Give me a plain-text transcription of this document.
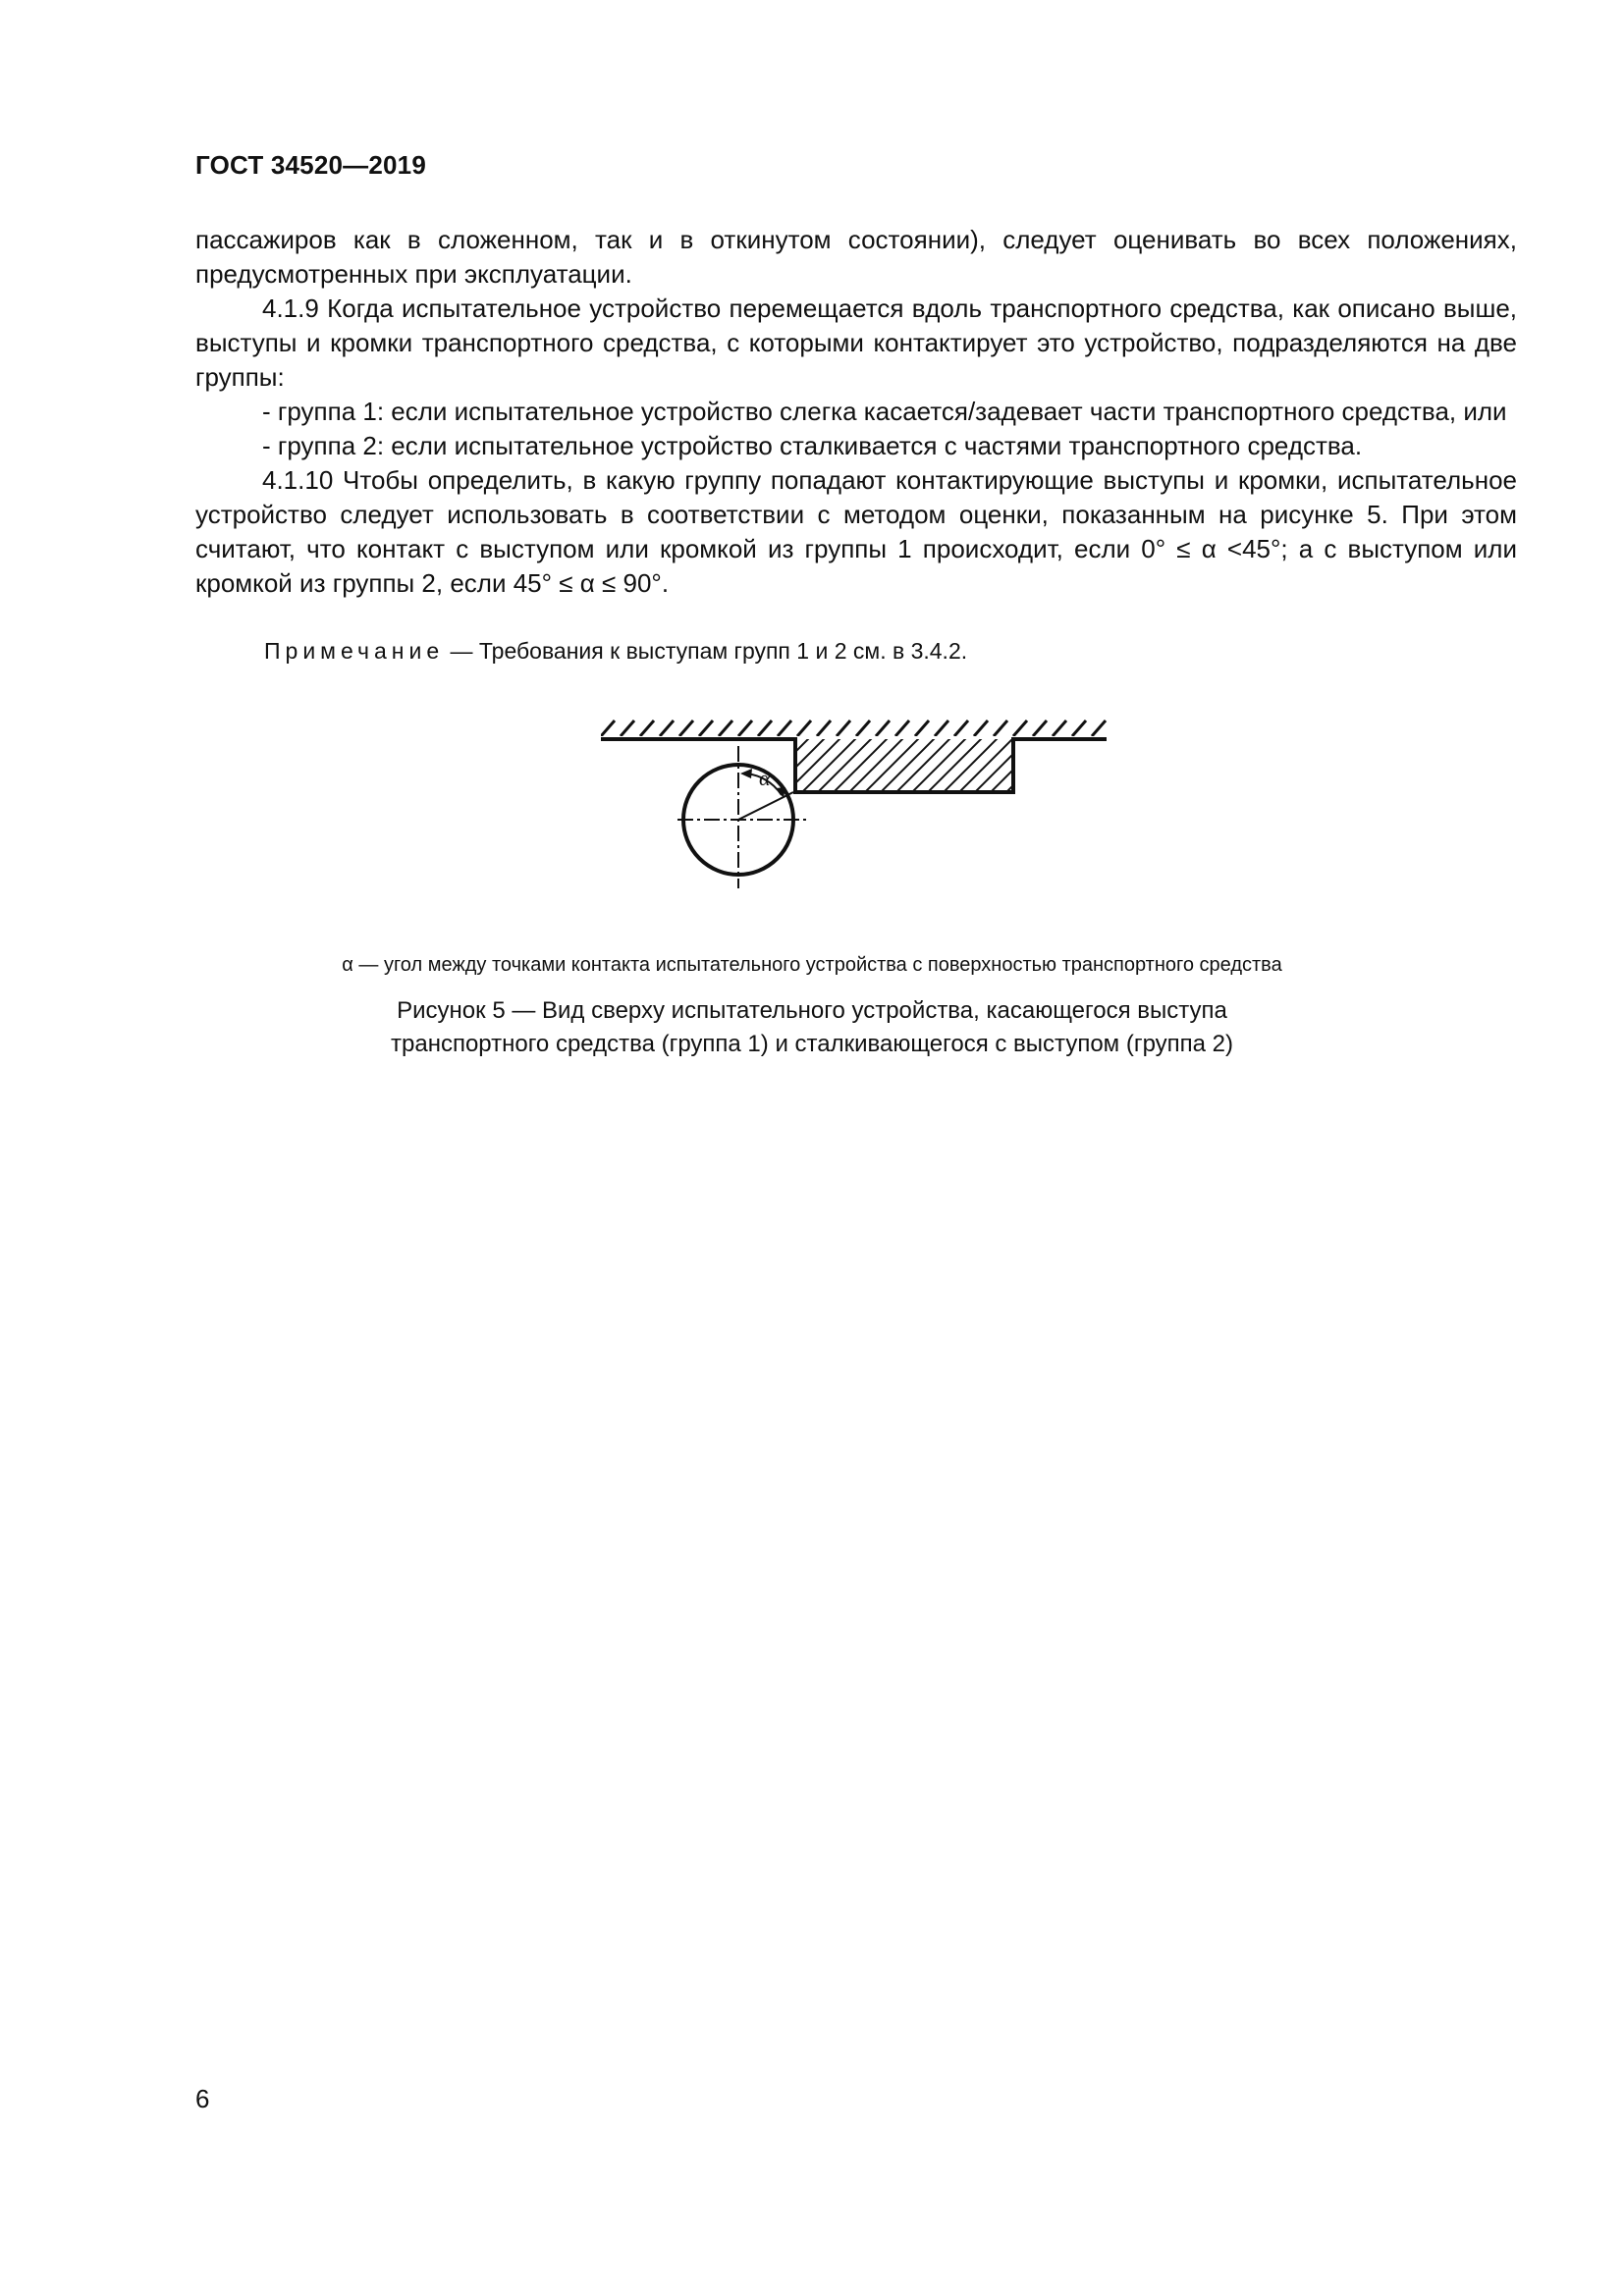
ГОСТ 34520—2019

пассажиров как в сложенном, так и в откинутом состоянии), следует оценивать во всех положениях, предусмотренных при эксплуатации.

4.1.9 Когда испытательное устройство перемещается вдоль транспортного средства, как описано выше, выступы и кромки транспортного средства, с которыми контактирует это устройство, подразделяются на две группы:

- группа 1: если испытательное устройство слегка касается/задевает части транспортного средства, или

- группа 2: если испытательное устройство сталкивается с частями транспортного средства.

4.1.10 Чтобы определить, в какую группу попадают контактирующие выступы и кромки, испытательное устройство следует использовать в соответствии с методом оценки, показанным на рисунке 5. При этом считают, что контакт с выступом или кромкой из группы 1 происходит, если 0° ≤ α <45°; а с выступом или кромкой из группы 2, если 45° ≤ α ≤ 90°.

Примечание — Требования к выступам групп 1 и 2 см. в 3.4.2.
α
α — угол между точками контакта испытательного устройства с поверхностью транспортного средства
Рисунок 5 — Вид сверху испытательного устройства, касающегося выступа
транспортного средства (группа 1) и сталкивающегося с выступом (группа 2)
6
